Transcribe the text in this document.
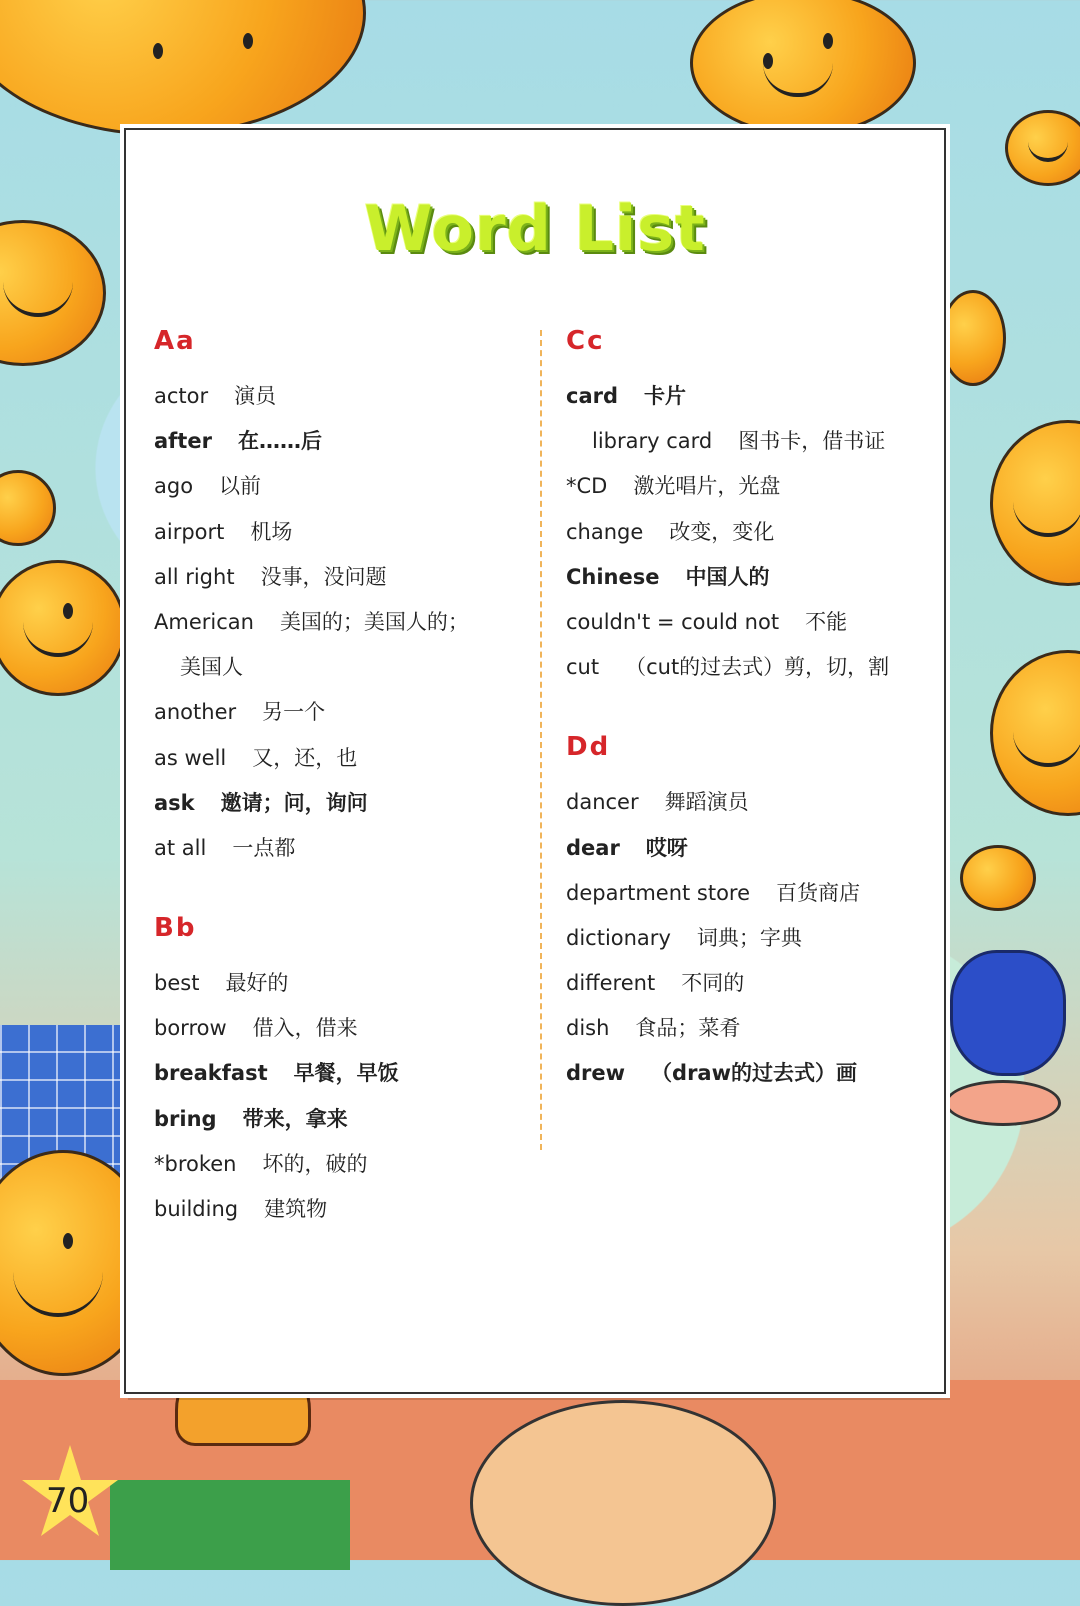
Word List
Aa
actor 演员
after 在……后
ago 以前
airport 机场
all right 没事，没问题
American 美国的；美国人的；
美国人
another 另一个
as well 又，还，也
ask 邀请；问，询问
at all 一点都
Bb
best 最好的
borrow 借入，借来
breakfast 早餐，早饭
bring 带来，拿来
*broken 坏的，破的
building 建筑物
Cc
card 卡片
library card 图书卡，借书证
*CD 激光唱片，光盘
change 改变，变化
Chinese 中国人的
couldn't = could not 不能
cut （cut的过去式）剪，切，割
Dd
dancer 舞蹈演员
dear 哎呀
department store 百货商店
dictionary 词典；字典
different 不同的
dish 食品；菜肴
drew （draw的过去式）画
70
